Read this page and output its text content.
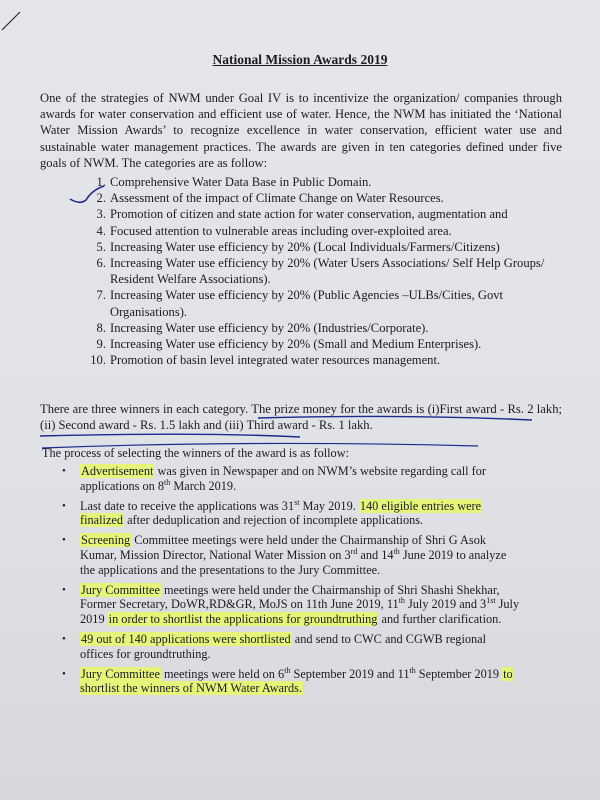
National Mission Awards 2019

One of the strategies of NWM under Goal IV is to incentivize the organization/ companies through awards for water conservation and efficient use of water. Hence, the NWM has initiated the ‘National Water Mission Awards’ to recognize excellence in water conservation, efficient water use and sustainable water management practices. The awards are given in ten categories defined under five goals of NWM. The categories are as follow:

1. Comprehensive Water Data Base in Public Domain.
2. Assessment of the impact of Climate Change on Water Resources.
3. Promotion of citizen and state action for water conservation, augmentation and
4. Focused attention to vulnerable areas including over-exploited area.
5. Increasing Water use efficiency by 20% (Local Individuals/Farmers/Citizens)
6. Increasing Water use efficiency by 20% (Water Users Associations/ Self Help Groups/ Resident Welfare Associations).
7. Increasing Water use efficiency by 20% (Public Agencies –ULBs/Cities, Govt Organisations).
8. Increasing Water use efficiency by 20% (Industries/Corporate).
9. Increasing Water use efficiency by 20% (Small and Medium Enterprises).
10. Promotion of basin level integrated water resources management.

There are three winners in each category. The prize money for the awards is (i)First award - Rs. 2 lakh; (ii) Second award - Rs. 1.5 lakh and (iii) Third award - Rs. 1 lakh.

The process of selecting the winners of the award is as follow:
• Advertisement was given in Newspaper and on NWM’s website regarding call for applications on 8th March 2019.
• Last date to receive the applications was 31st May 2019. 140 eligible entries were finalized after deduplication and rejection of incomplete applications.
• Screening Committee meetings were held under the Chairmanship of Shri G Asok Kumar, Mission Director, National Water Mission on 3rd and 14th June 2019 to analyze the applications and the presentations to the Jury Committee.
• Jury Committee meetings were held under the Chairmanship of Shri Shashi Shekhar, Former Secretary, DoWR,RD&GR, MoJS on 11th June 2019, 11th July 2019 and $3^{1st}$ July 2019 in order to shortlist the applications for groundtruthing and further clarification.
• 49 out of 140 applications were shortlisted and send to CWC and CGWB regional offices for groundtruthing.
• Jury Committee meetings were held on 6th September 2019 and 11th September 2019 to shortlist the winners of NWM Water Awards.
